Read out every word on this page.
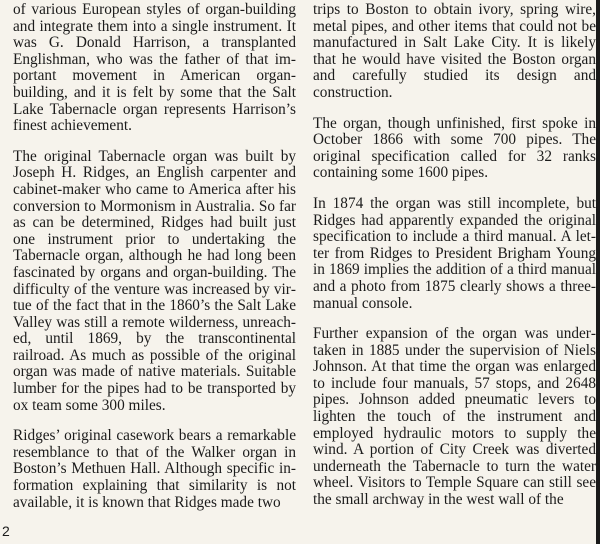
of various European styles of organ-building and integrate them into a single instrument. It was G. Donald Harrison, a transplanted Englishman, who was the father of that important movement in American organ-building, and it is felt by some that the Salt Lake Tabernacle organ represents Harrison’s finest achievement.

The original Tabernacle organ was built by Joseph H. Ridges, an English carpenter and cabinet-maker who came to America after his conversion to Mormonism in Australia. So far as can be determined, Ridges had built just one instrument prior to undertaking the Tabernacle organ, although he had long been fascinated by organs and organ-building. The difficulty of the venture was increased by virtue of the fact that in the 1860’s the Salt Lake Valley was still a remote wilderness, unreached, until 1869, by the transcontinental railroad. As much as possible of the original organ was made of native materials. Suitable lumber for the pipes had to be transported by ox team some 300 miles.

Ridges’ original casework bears a remarkable resemblance to that of the Walker organ in Boston’s Methuen Hall. Although specific information explaining that similarity is not available, it is known that Ridges made two

trips to Boston to obtain ivory, spring wire, metal pipes, and other items that could not be manufactured in Salt Lake City. It is likely that he would have visited the Boston organ and carefully studied its design and construction.

The organ, though unfinished, first spoke in October 1866 with some 700 pipes. The original specification called for 32 ranks containing some 1600 pipes.

In 1874 the organ was still incomplete, but Ridges had apparently expanded the original specification to include a third manual. A letter from Ridges to President Brigham Young in 1869 implies the addition of a third manual and a photo from 1875 clearly shows a three-manual console.

Further expansion of the organ was undertaken in 1885 under the supervision of Niels Johnson. At that time the organ was enlarged to include four manuals, 57 stops, and 2648 pipes. Johnson added pneumatic levers to lighten the touch of the instrument and employed hydraulic motors to supply the wind. A portion of City Creek was diverted underneath the Tabernacle to turn the water wheel. Visitors to Temple Square can still see the small archway in the west wall of the

2
